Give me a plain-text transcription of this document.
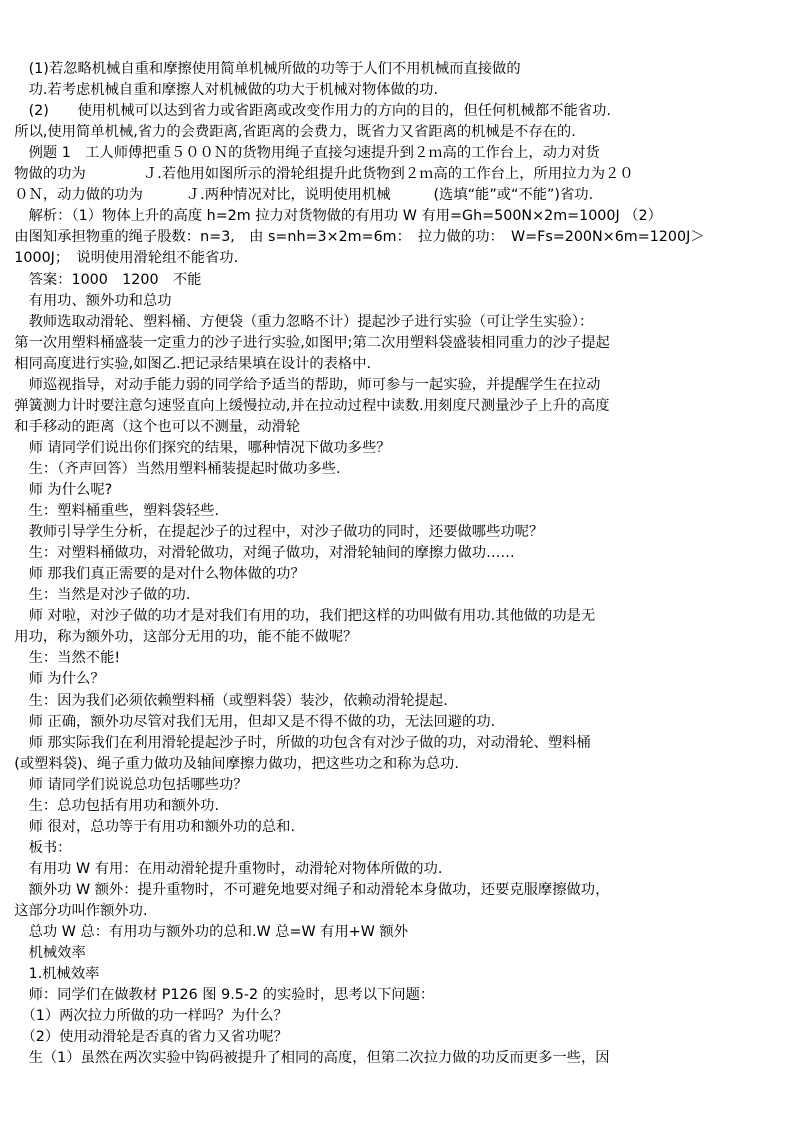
　　(1)若忽略机械自重和摩擦使用简单机械所做的功等于人们不用机械而直接做的
　　功.若考虑机械自重和摩擦人对机械做的功大于机械对物体做的功.
　　(2)　　使用机械可以达到省力或省距离或改变作用力的方向的目的，但任何机械都不能省功.
　所以,使用简单机械,省力的会费距离,省距离的会费力，既省力又省距离的机械是不存在的.
　　例题 1　工人师傅把重５００Ｎ的货物用绳子直接匀速提升到２ｍ高的工作台上，动力对货
　物做的功为　　　　Ｊ.若他用如图所示的滑轮组提升此货物到２ｍ高的工作台上，所用拉力为２０
　０Ｎ，动力做的功为　　　Ｊ.两种情况对比，说明使用机械　　　(选填“能”或“不能”)省功.
　　解析：（1）物体上升的高度 h=2m 拉力对货物做的有用功 W 有用=Gh=500N×2m=1000J （2）
　由图知承担物重的绳子股数：n=3,　由 s=nh=3×2m=6m：　拉力做的功：　W=Fs=200N×6m=1200J＞
　1000J；　说明使用滑轮组不能省功.
　　答案：1000　1200　不能
　　有用功、额外功和总功
　　教师选取动滑轮、塑料桶、方便袋（重力忽略不计）提起沙子进行实验（可让学生实验）：
　第一次用塑料桶盛装一定重力的沙子进行实验,如图甲;第二次用塑料袋盛装相同重力的沙子提起
　相同高度进行实验,如图乙.把记录结果填在设计的表格中.
　　师巡视指导，对动手能力弱的同学给予适当的帮助，师可参与一起实验，并提醒学生在拉动
　弹簧测力计时要注意匀速竖直向上缓慢拉动,并在拉动过程中读数.用刻度尺测量沙子上升的高度
　和手移动的距离（这个也可以不测量，动滑轮
　　师 请同学们说出你们探究的结果，哪种情况下做功多些？
　　生：（齐声回答）当然用塑料桶装提起时做功多些.
　　师 为什么呢?
　　生：塑料桶重些，塑料袋轻些.
　　教师引导学生分析，在提起沙子的过程中，对沙子做功的同时，还要做哪些功呢？
　　生：对塑料桶做功，对滑轮做功，对绳子做功，对滑轮轴间的摩擦力做功……
　　师 那我们真正需要的是对什么物体做的功？
　　生：当然是对沙子做的功.
　　师 对啦，对沙子做的功才是对我们有用的功，我们把这样的功叫做有用功.其他做的功是无
　用功，称为额外功，这部分无用的功，能不能不做呢？
　　生：当然不能!
　　师 为什么？
　　生：因为我们必须依赖塑料桶（或塑料袋）装沙，依赖动滑轮提起.
　　师 正确，额外功尽管对我们无用，但却又是不得不做的功，无法回避的功.
　　师 那实际我们在利用滑轮提起沙子时，所做的功包含有对沙子做的功，对动滑轮、塑料桶
　(或塑料袋)、绳子重力做功及轴间摩擦力做功，把这些功之和称为总功.
　　师 请同学们说说总功包括哪些功？
　　生：总功包括有用功和额外功.
　　师 很对，总功等于有用功和额外功的总和.
　　板书：
　　有用功 W 有用：在用动滑轮提升重物时，动滑轮对物体所做的功.
　　额外功 W 额外：提升重物时，不可避免地要对绳子和动滑轮本身做功，还要克服摩擦做功，
　这部分功叫作额外功.
　　总功 W 总：有用功与额外功的总和.W 总=W 有用+W 额外
　　机械效率
　　1.机械效率
　　师：同学们在做教材 P126 图 9.5-2 的实验时，思考以下问题：
　　（1）两次拉力所做的功一样吗？为什么？
　　（2）使用动滑轮是否真的省力又省功呢？
　　生（1）虽然在两次实验中钩码被提升了相同的高度，但第二次拉力做的功反而更多一些，因
